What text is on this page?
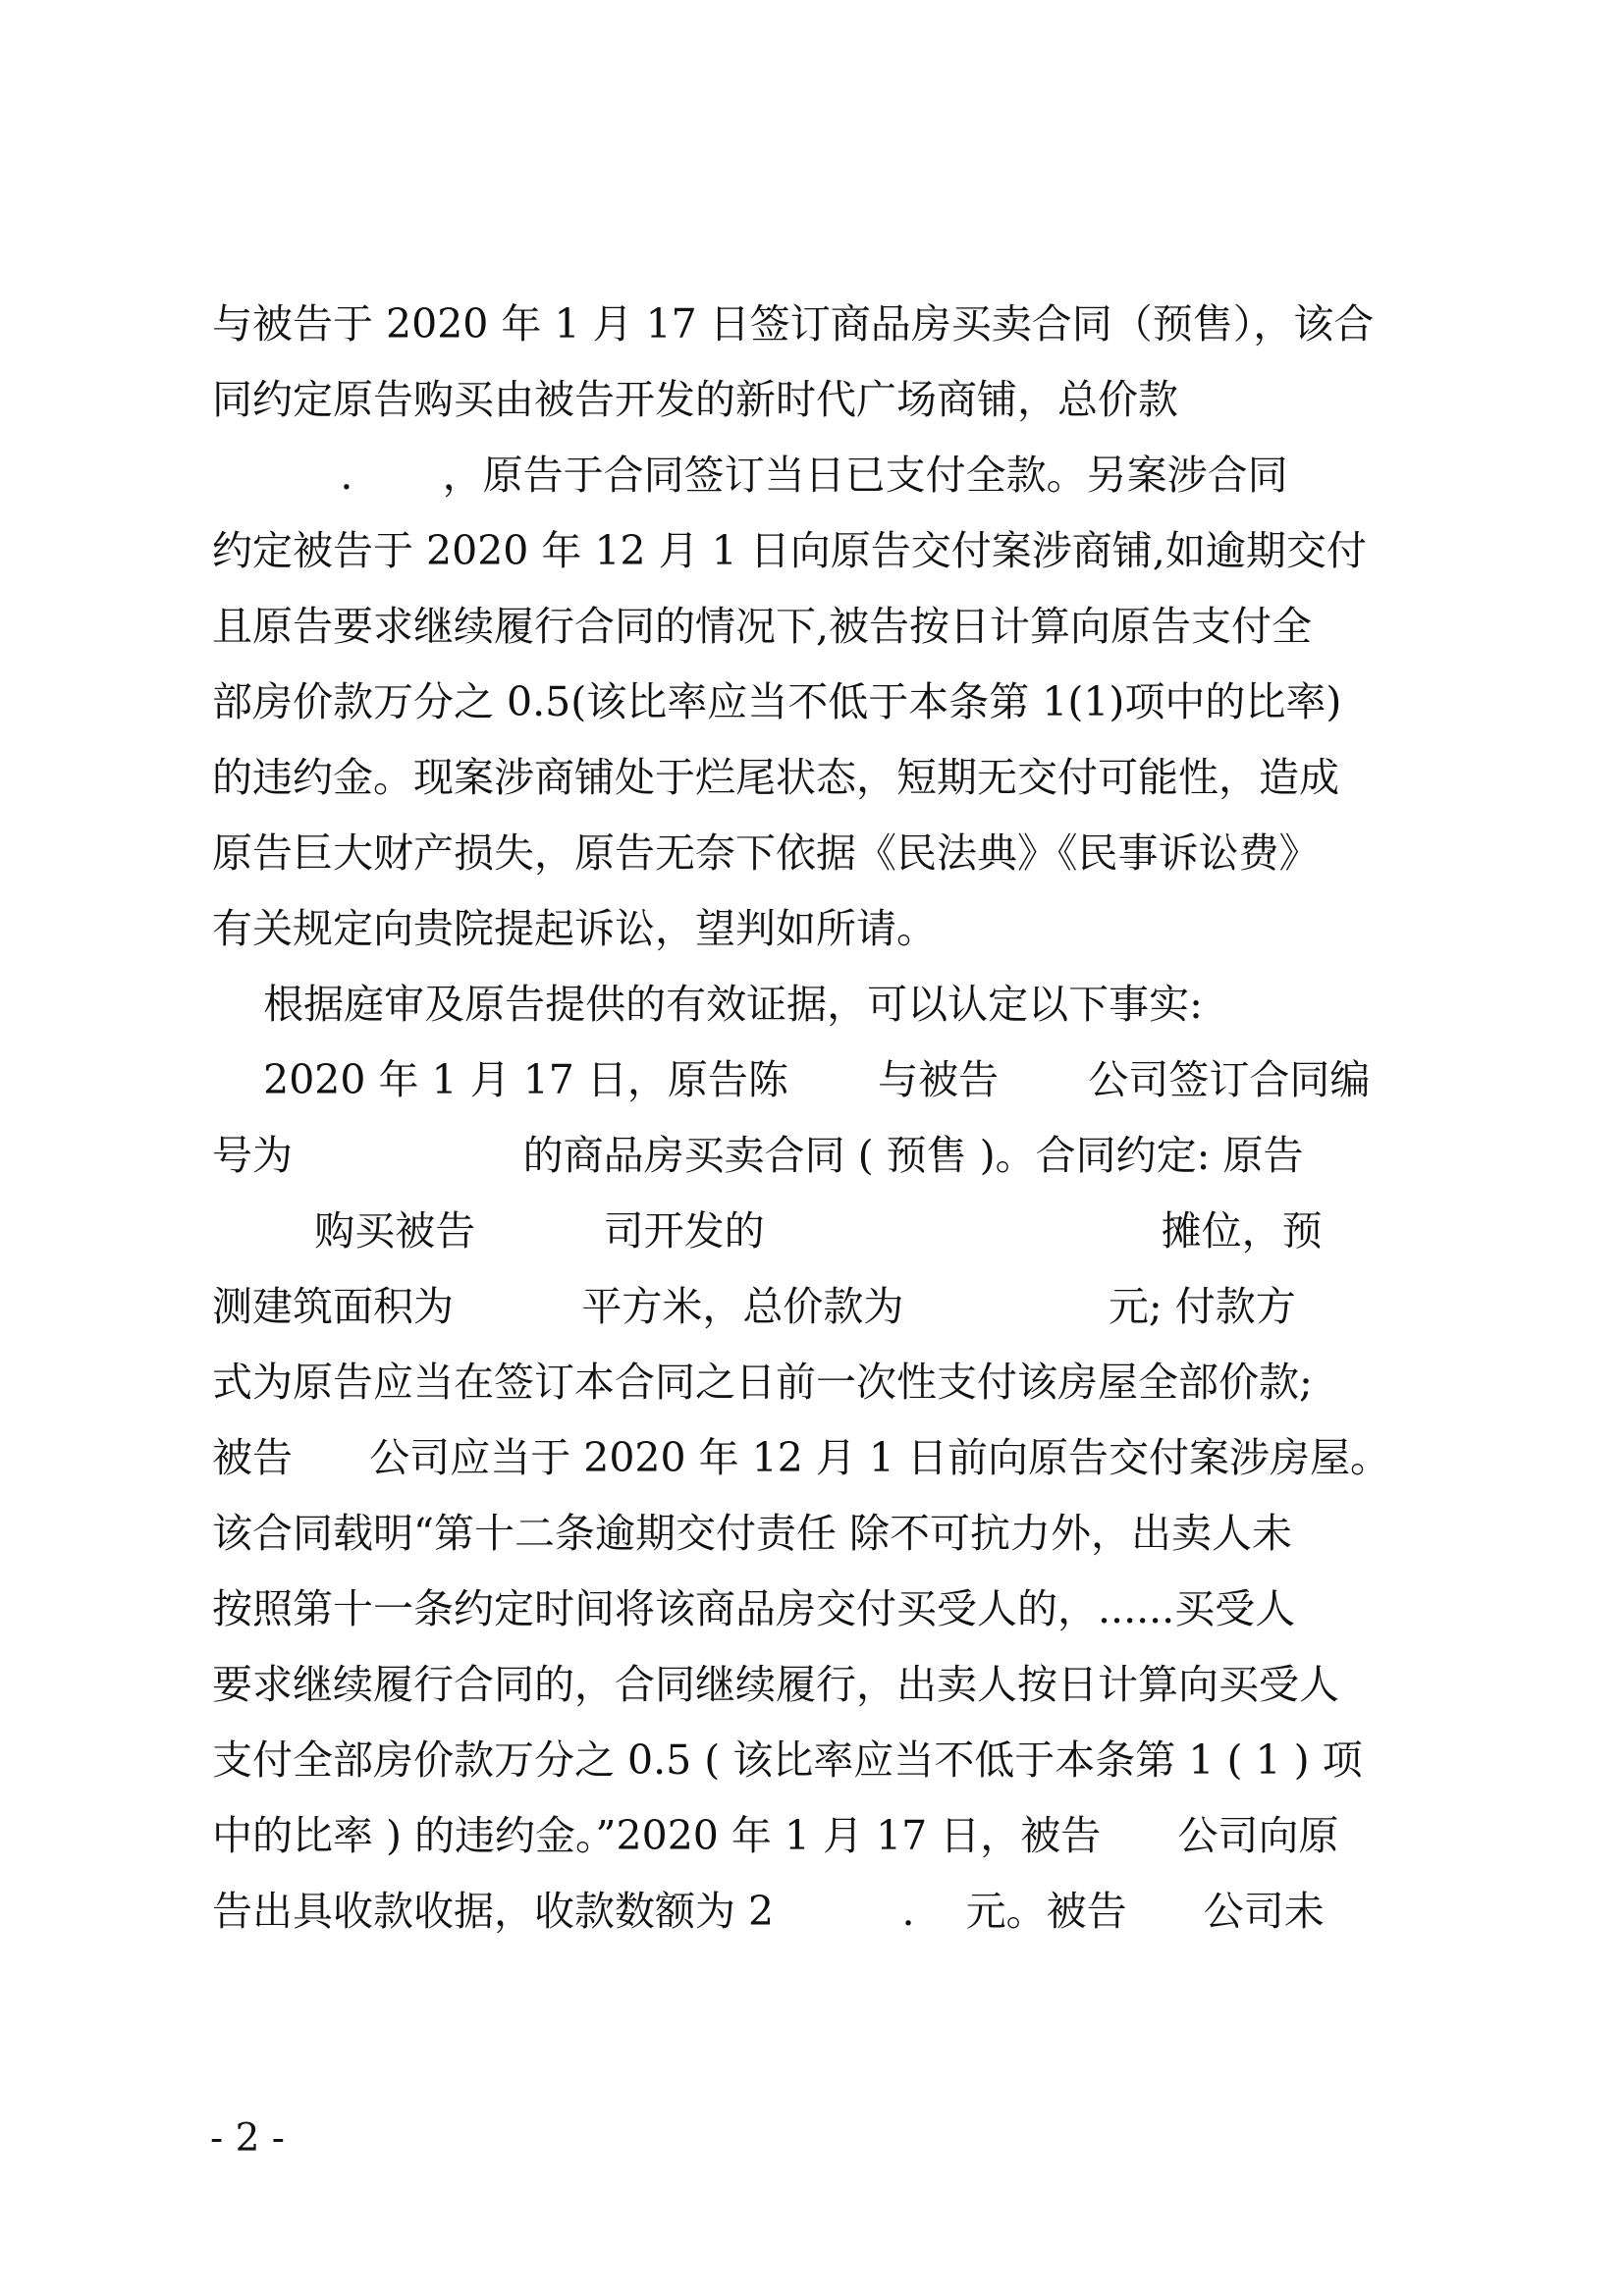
与被告于 2020 年 1 月 17 日签订商品房买卖合同（预售），该合
同约定原告购买由被告开发的新时代广场商铺，总价款
.       ，原告于合同签订当日已支付全款。另案涉合同
约定被告于 2020 年 12 月 1 日向原告交付案涉商铺,如逾期交付
且原告要求继续履行合同的情况下,被告按日计算向原告支付全
部房价款万分之 0.5(该比率应当不低于本条第 1(1)项中的比率)
的违约金。现案涉商铺处于烂尾状态，短期无交付可能性，造成
原告巨大财产损失，原告无奈下依据《民法典》《民事诉讼费》
有关规定向贵院提起诉讼，望判如所请。
根据庭审及原告提供的有效证据，可以认定以下事实:
2020 年 1 月 17 日，原告陈       与被告       公司签订合同编
号为                  的商品房买卖合同 ( 预售 )。合同约定: 原告
购买被告          司开发的                               摊位，预
测建筑面积为          平方米，总价款为                元; 付款方
式为原告应当在签订本合同之日前一次性支付该房屋全部价款;
被告      公司应当于 2020 年 12 月 1 日前向原告交付案涉房屋。
该合同载明“第十二条逾期交付责任 除不可抗力外，出卖人未
按照第十一条约定时间将该商品房交付买受人的，......买受人
要求继续履行合同的，合同继续履行，出卖人按日计算向买受人
支付全部房价款万分之 0.5 ( 该比率应当不低于本条第 1 ( 1 ) 项
中的比率 ) 的违约金。”2020 年 1 月 17 日，被告      公司向原
告出具收款收据，收款数额为 2          .    元。被告      公司未
- 2 -
